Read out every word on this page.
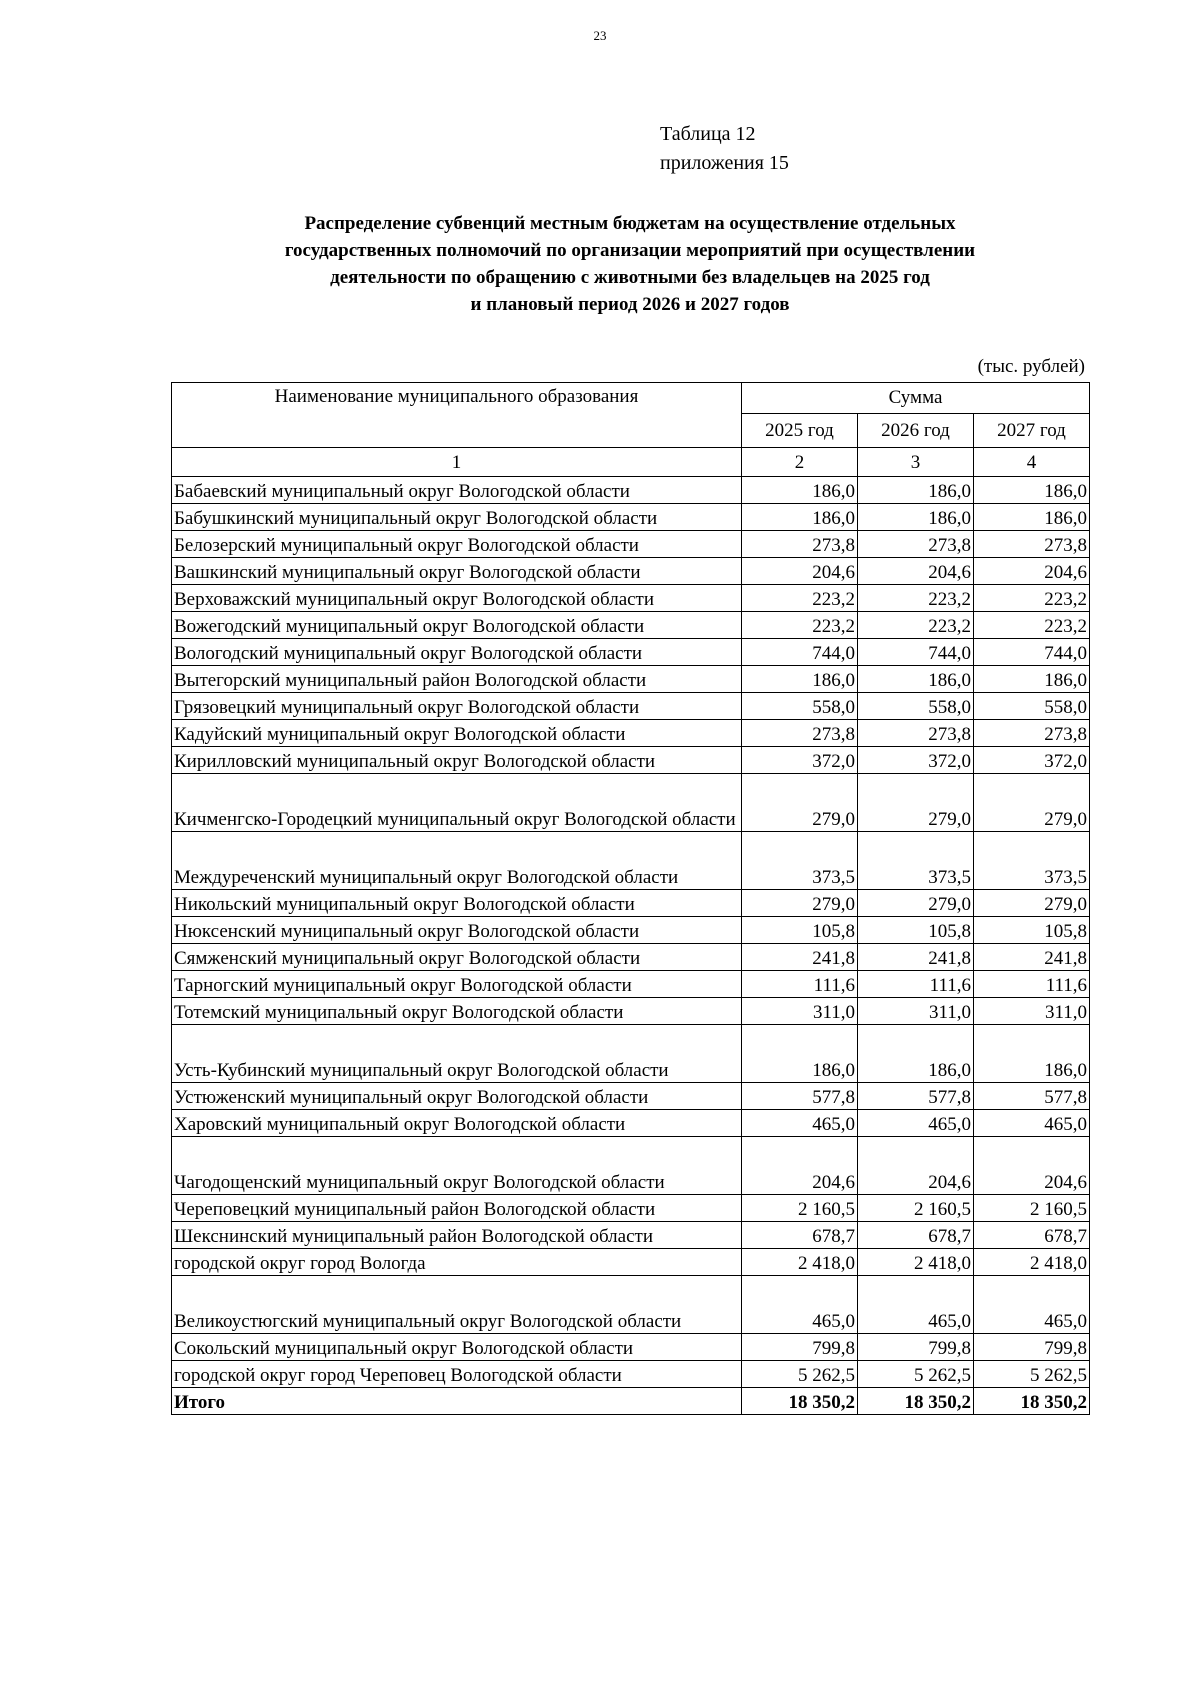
23
Таблица 12
приложения 15
Распределение субвенций местным бюджетам на осуществление отдельных
государственных полномочий по организации мероприятий при осуществлении
деятельности по обращению с животными без владельцев на 2025 год
и плановый период 2026 и 2027 годов
(тыс. рублей)
Наименование муниципального образования	Сумма		
	2025 год	2026 год	2027 год
1	2	3	4
Бабаевский муниципальный округ Вологодской области	186,0	186,0	186,0
Бабушкинский муниципальный округ Вологодской области	186,0	186,0	186,0
Белозерский муниципальный округ Вологодской области	273,8	273,8	273,8
Вашкинский муниципальный округ Вологодской области	204,6	204,6	204,6
Верховажский муниципальный округ Вологодской области	223,2	223,2	223,2
Вожегодский муниципальный округ Вологодской области	223,2	223,2	223,2
Вологодский муниципальный округ Вологодской области	744,0	744,0	744,0
Вытегорский муниципальный район Вологодской области	186,0	186,0	186,0
Грязовецкий муниципальный округ Вологодской области	558,0	558,0	558,0
Кадуйский муниципальный округ Вологодской области	273,8	273,8	273,8
Кирилловский муниципальный округ Вологодской области	372,0	372,0	372,0
Кичменгско-Городецкий муниципальный округ Вологодской области	279,0	279,0	279,0
Междуреченский муниципальный округ Вологодской области	373,5	373,5	373,5
Никольский муниципальный округ Вологодской области	279,0	279,0	279,0
Нюксенский муниципальный округ Вологодской области	105,8	105,8	105,8
Сямженский муниципальный округ Вологодской области	241,8	241,8	241,8
Тарногский муниципальный округ Вологодской области	111,6	111,6	111,6
Тотемский муниципальный округ Вологодской области	311,0	311,0	311,0
Усть-Кубинский муниципальный округ Вологодской области	186,0	186,0	186,0
Устюженский муниципальный округ Вологодской области	577,8	577,8	577,8
Харовский муниципальный округ Вологодской области	465,0	465,0	465,0
Чагодощенский муниципальный округ Вологодской области	204,6	204,6	204,6
Череповецкий муниципальный район Вологодской области	2 160,5	2 160,5	2 160,5
Шекснинский муниципальный район Вологодской области	678,7	678,7	678,7
городской округ город Вологда	2 418,0	2 418,0	2 418,0
Великоустюгский муниципальный округ Вологодской области	465,0	465,0	465,0
Сокольский муниципальный округ Вологодской области	799,8	799,8	799,8
городской округ город Череповец Вологодской области	5 262,5	5 262,5	5 262,5
Итого	18 350,2	18 350,2	18 350,2
